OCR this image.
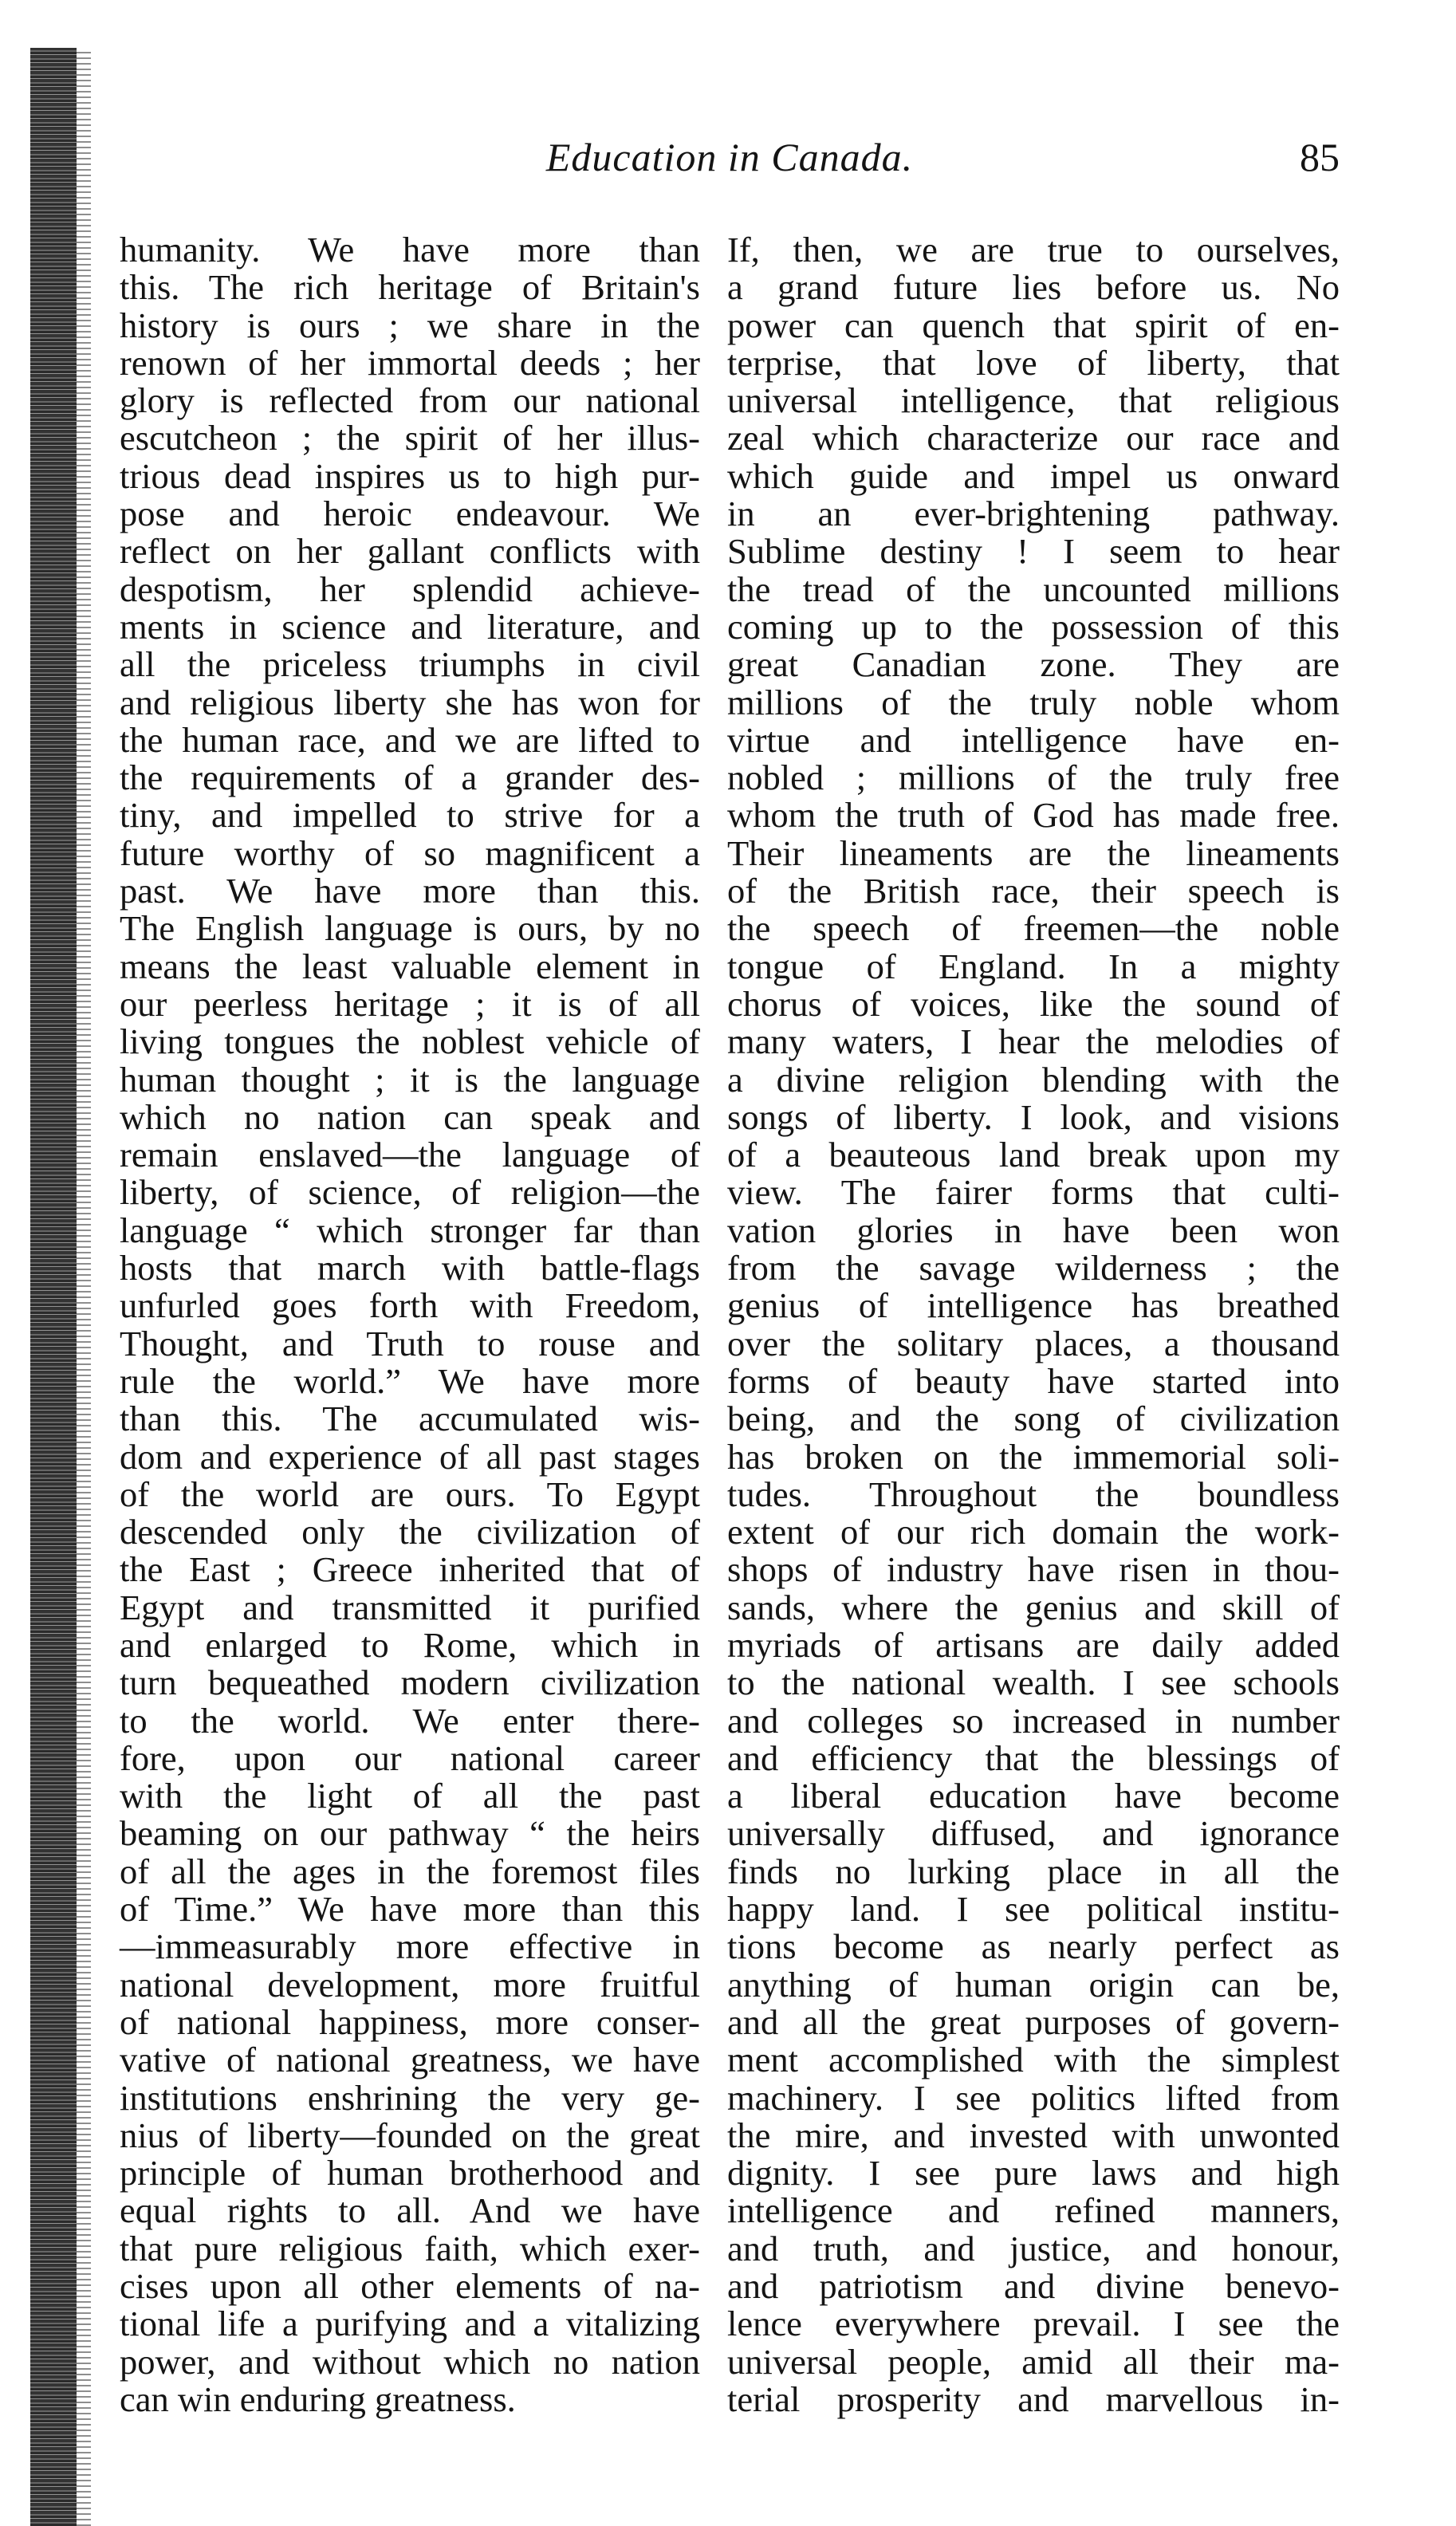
Education in Canada.	85
humanity. We have more than
this. The rich heritage of Britain's
history is ours ; we share in the
renown of her immortal deeds ; her
glory is reflected from our national
escutcheon ; the spirit of her illus-
trious dead inspires us to high pur-
pose and heroic endeavour. We
reflect on her gallant conflicts with
despotism, her splendid achieve-
ments in science and literature, and
all the priceless triumphs in civil
and religious liberty she has won for
the human race, and we are lifted to
the requirements of a grander des-
tiny, and impelled to strive for a
future worthy of so magnificent a
past. We have more than this.
The English language is ours, by no
means the least valuable element in
our peerless heritage ; it is of all
living tongues the noblest vehicle of
human thought ; it is the language
which no nation can speak and
remain enslaved—the language of
liberty, of science, of religion—the
language “ which stronger far than
hosts that march with battle-flags
unfurled goes forth with Freedom,
Thought, and Truth to rouse and
rule the world.” We have more
than this. The accumulated wis-
dom and experience of all past stages
of the world are ours. To Egypt
descended only the civilization of
the East ; Greece inherited that of
Egypt and transmitted it purified
and enlarged to Rome, which in
turn bequeathed modern civilization
to the world. We enter there-
fore, upon our national career
with the light of all the past
beaming on our pathway “ the heirs
of all the ages in the foremost files
of Time.” We have more than this
—immeasurably more effective in
national development, more fruitful
of national happiness, more conser-
vative of national greatness, we have
institutions enshrining the very ge-
nius of liberty—founded on the great
principle of human brotherhood and
equal rights to all. And we have
that pure religious faith, which exer-
cises upon all other elements of na-
tional life a purifying and a vitalizing
power, and without which no nation
can win enduring greatness.
If, then, we are true to ourselves,
a grand future lies before us. No
power can quench that spirit of en-
terprise, that love of liberty, that
universal intelligence, that religious
zeal which characterize our race and
which guide and impel us onward
in an ever-brightening pathway.
Sublime destiny ! I seem to hear
the tread of the uncounted millions
coming up to the possession of this
great Canadian zone. They are
millions of the truly noble whom
virtue and intelligence have en-
nobled ; millions of the truly free
whom the truth of God has made free.
Their lineaments are the lineaments
of the British race, their speech is
the speech of freemen—the noble
tongue of England. In a mighty
chorus of voices, like the sound of
many waters, I hear the melodies of
a divine religion blending with the
songs of liberty. I look, and visions
of a beauteous land break upon my
view. The fairer forms that culti-
vation glories in have been won
from the savage wilderness ; the
genius of intelligence has breathed
over the solitary places, a thousand
forms of beauty have started into
being, and the song of civilization
has broken on the immemorial soli-
tudes. Throughout the boundless
extent of our rich domain the work-
shops of industry have risen in thou-
sands, where the genius and skill of
myriads of artisans are daily added
to the national wealth. I see schools
and colleges so increased in number
and efficiency that the blessings of
a liberal education have become
universally diffused, and ignorance
finds no lurking place in all the
happy land. I see political institu-
tions become as nearly perfect as
anything of human origin can be,
and all the great purposes of govern-
ment accomplished with the simplest
machinery. I see politics lifted from
the mire, and invested with unwonted
dignity. I see pure laws and high
intelligence and refined manners,
and truth, and justice, and honour,
and patriotism and divine benevo-
lence everywhere prevail. I see the
universal people, amid all their ma-
terial prosperity and marvellous in-
